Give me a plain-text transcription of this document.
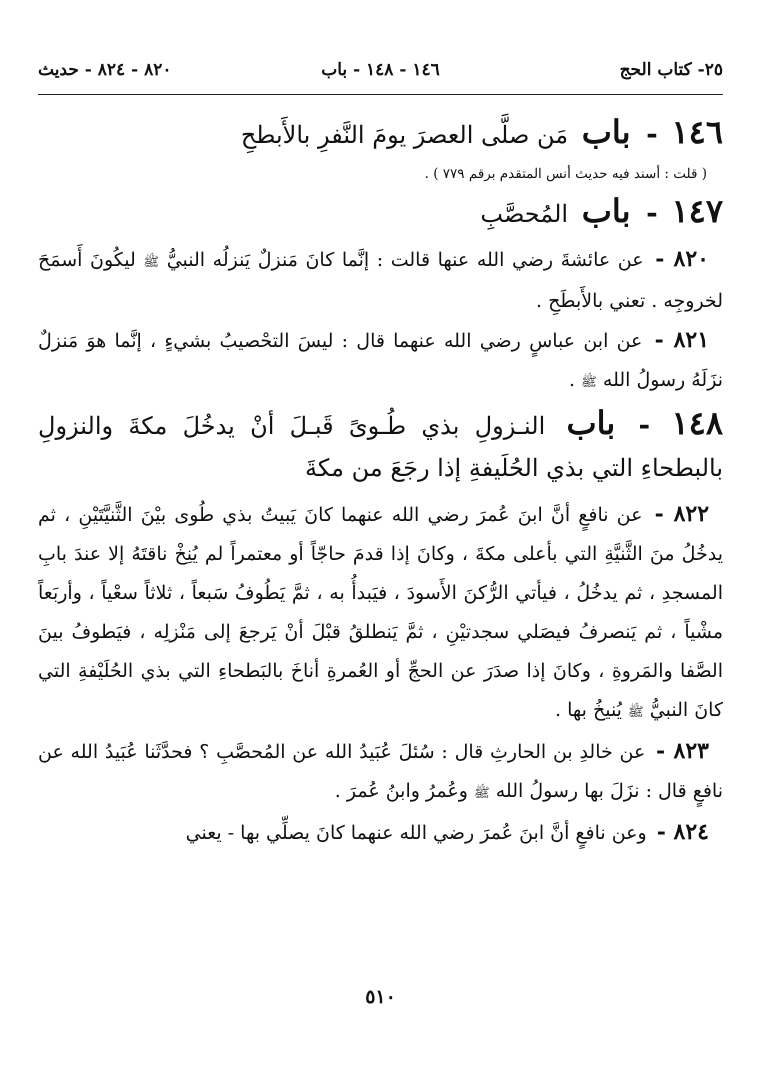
٢٥- كتاب الحج
١٤٦ - ١٤٨ - باب
٨٢٠ - ٨٢٤ - حديث
١٤٦ - باب مَن صلَّى العصرَ يومَ النَّفرِ بالأَبطحِ
( قلت : أسند فيه حديث أنس المتقدم برقم ٧٧٩ ) .
١٤٧ - باب المُحصَّبِ

٨٢٠ - عن عائشةَ رضي الله عنها قالت : إنَّما كانَ مَنزلٌ يَنزلُه النبيُّ ﷺ ليكُونَ أَسمَحَ لخروجِه . تعني بالأَبطَحِ .

٨٢١ - عن ابن عباسٍ رضي الله عنهما قال : ليسَ التحْصيبُ بشيءٍ ، إنَّما هوَ مَنزلٌ نزَلَهُ رسولُ الله ﷺ .

١٤٨ - باب النـزولِ بذي طُـوىً قَبـلَ أنْ يدخُلَ مكةَ والنزولِ بالبطحاءِ التي بذي الحُلَيفةِ إذا رجَعَ من مكةَ

٨٢٢ - عن نافعٍ أنَّ ابنَ عُمرَ رضي الله عنهما كانَ يَبيتُ بذي طُوى بيْنَ الثَّنيَّتَيْنِ ، ثم يدخُلُ منَ الثَّنيَّةِ التي بأعلى مكةَ ، وكانَ إذا قدمَ حاجّاً أو معتمراً لم يُنِخْ ناقتَهُ إلا عندَ بابِ المسجدِ ، ثم يدخُلُ ، فيأتي الرُّكنَ الأَسودَ ، فيَبدأُ به ، ثمَّ يَطُوفُ سَبعاً ، ثلاثاً سعْياً ، وأربَعاً مشْياً ، ثم يَنصرفُ فيصَلي سجدتيْنِ ، ثمَّ يَنطلقُ قبْلَ أنْ يَرجعَ إلى مَنْزلِه ، فيَطوفُ بينَ الصَّفا والمَروةِ ، وكانَ إذا صدَرَ عن الحجِّ أو العُمرةِ أناخَ بالبَطحاءِ التي بذي الحُلَيْفةِ التي كانَ النبيُّ ﷺ يُنيخُ بها .

٨٢٣ - عن خالدِ بن الحارثِ قال : سُئلَ عُبَيدُ الله عن المُحصَّبِ ؟ فحدَّثَنا عُبَيدُ الله عن نافعٍ قال : نزَلَ بها رسولُ الله ﷺ وعُمرُ وابنُ عُمرَ .

٨٢٤ - وعن نافعٍ أنَّ ابنَ عُمرَ رضي الله عنهما كانَ يصلِّي بها - يعني

٥١٠
